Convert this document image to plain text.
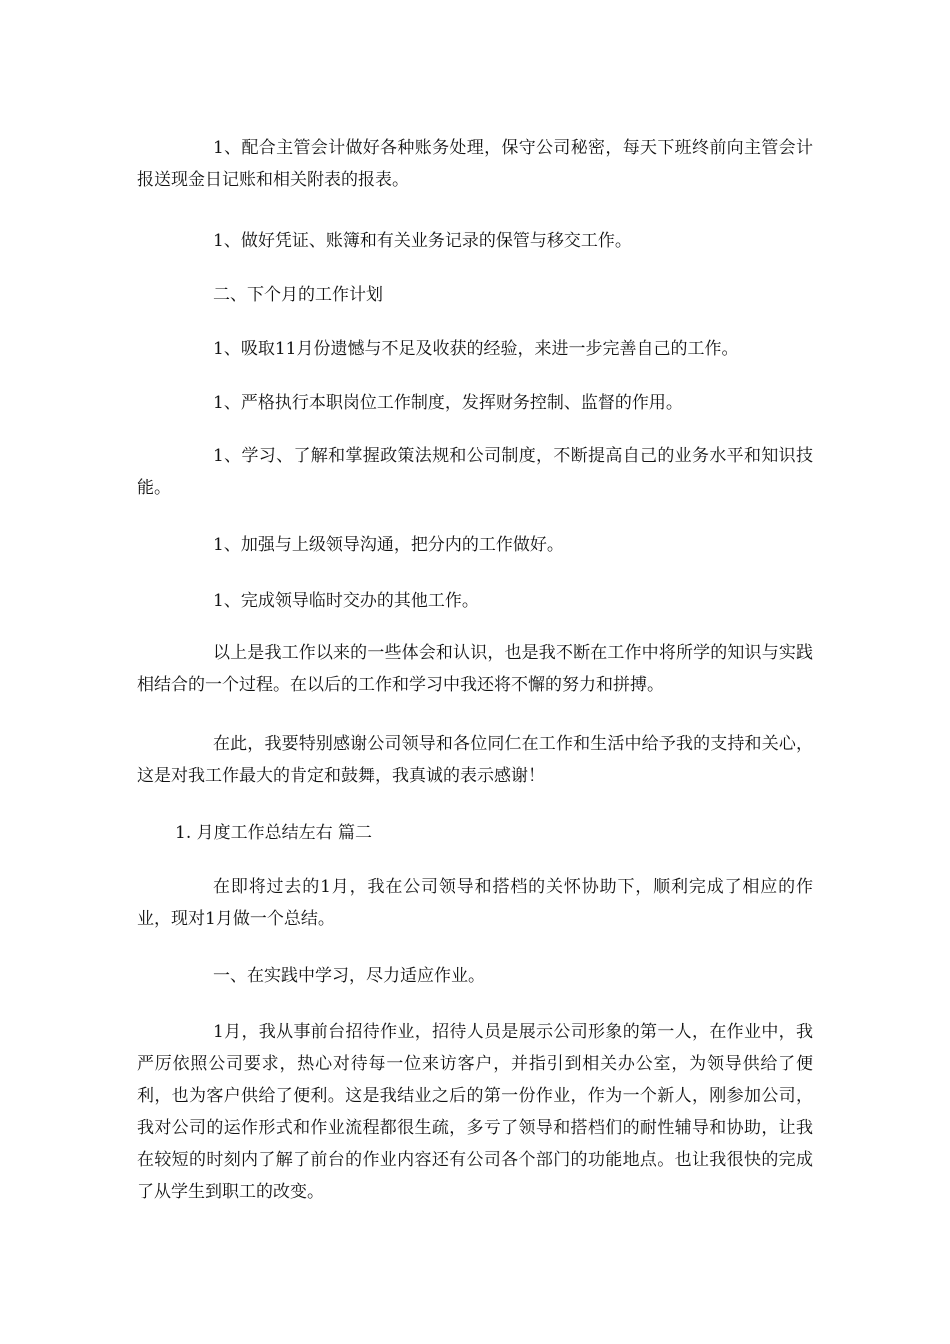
1、配合主管会计做好各种账务处理，保守公司秘密，每天下班终前向主管会计报送现金日记账和相关附表的报表。

1、做好凭证、账簿和有关业务记录的保管与移交工作。

二、下个月的工作计划

1、吸取11月份遗憾与不足及收获的经验，来进一步完善自己的工作。

1、严格执行本职岗位工作制度，发挥财务控制、监督的作用。

1、学习、了解和掌握政策法规和公司制度，不断提高自己的业务水平和知识技能。

1、加强与上级领导沟通，把分内的工作做好。

1、完成领导临时交办的其他工作。

以上是我工作以来的一些体会和认识，也是我不断在工作中将所学的知识与实践相结合的一个过程。在以后的工作和学习中我还将不懈的努力和拼搏。

在此，我要特别感谢公司领导和各位同仁在工作和生活中给予我的支持和关心，这是对我工作最大的肯定和鼓舞，我真诚的表示感谢！

1. 月度工作总结左右 篇二

在即将过去的1月，我在公司领导和搭档的关怀协助下，顺利完成了相应的作业，现对1月做一个总结。

一、在实践中学习，尽力适应作业。

1月，我从事前台招待作业，招待人员是展示公司形象的第一人，在作业中，我严厉依照公司要求，热心对待每一位来访客户，并指引到相关办公室，为领导供给了便利，也为客户供给了便利。这是我结业之后的第一份作业，作为一个新人，刚参加公司，我对公司的运作形式和作业流程都很生疏，多亏了领导和搭档们的耐性辅导和协助，让我在较短的时刻内了解了前台的作业内容还有公司各个部门的功能地点。也让我很快的完成了从学生到职工的改变。
